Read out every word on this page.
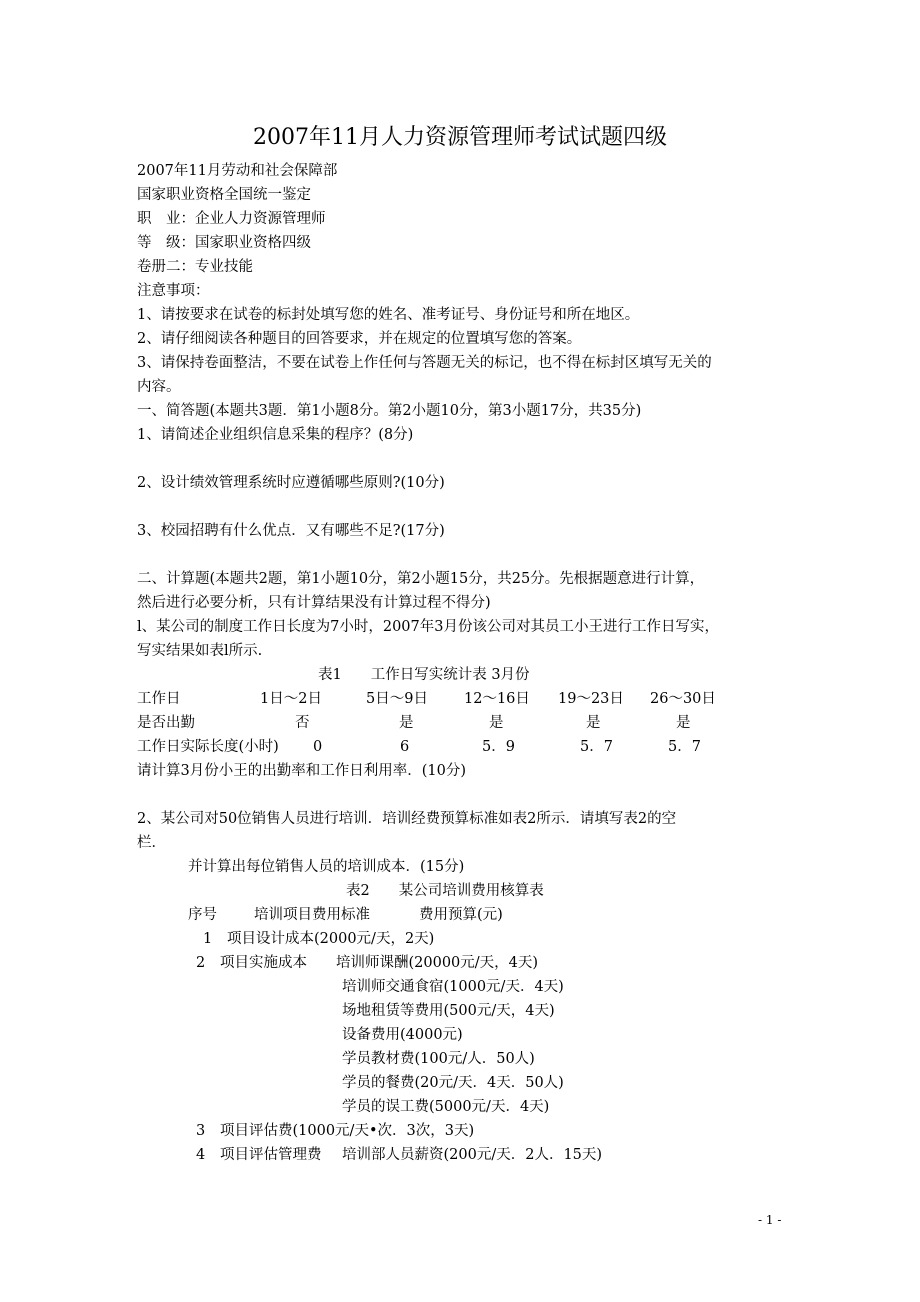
2007年11月人力资源管理师考试试题四级
2007年11月劳动和社会保障部
国家职业资格全国统一鉴定
职　业：企业人力资源管理师
等　级：国家职业资格四级
卷册二：专业技能
注意事项：
1、请按要求在试卷的标封处填写您的姓名、准考证号、身份证号和所在地区。
2、请仔细阅读各种题目的回答要求，并在规定的位置填写您的答案。
3、请保持卷面整洁，不要在试卷上作任何与答题无关的标记，也不得在标封区填写无关的
内容。
一、简答题(本题共3题．第1小题8分。第2小题10分，第3小题17分，共35分)
1、请简述企业组织信息采集的程序？(8分)
2、设计绩效管理系统时应遵循哪些原则?(10分)
3、校园招聘有什么优点．又有哪些不足?(17分)
二、计算题(本题共2题，第1小题10分，第2小题15分，共25分。先根据题意进行计算，
然后进行必要分析，只有计算结果没有计算过程不得分)
l、某公司的制度工作日长度为7小时，2007年3月份该公司对其员工小王进行工作日写实，
写实结果如表l所示.
表1　　工作日写实统计表 3月份
工作日	1日～2日	5日～9日 12～16日 19～23日 26～30日
是否出勤	否	是	是	是	是
工作日实际长度(小时) 0	6	5．9	5．7	5．7
请计算3月份小王的出勤率和工作日利用率．(10分)
2、某公司对50位销售人员进行培训．培训经费预算标准如表2所示．请填写表2的空
栏．
并计算出每位销售人员的培训成本．(15分)
表2　　某公司培训费用核算表
序号	培训项目费用标准	费用预算(元)
1 项目设计成本(2000元/天，2天)
2 项目实施成本 培训师课酬(20000元/天，4天)
培训师交通食宿(1000元/天．4天)
场地租赁等费用(500元/天，4天)
设备费用(4000元)
学员教材费(100元/人．50人)
学员的餐费(20元/天．4天．50人)
学员的误工费(5000元/天．4天)
3 项目评估费(1000元/天•次．3次，3天)
4 项目评估管理费 培训部人员薪资(200元/天．2人．15天)
- 1 -
